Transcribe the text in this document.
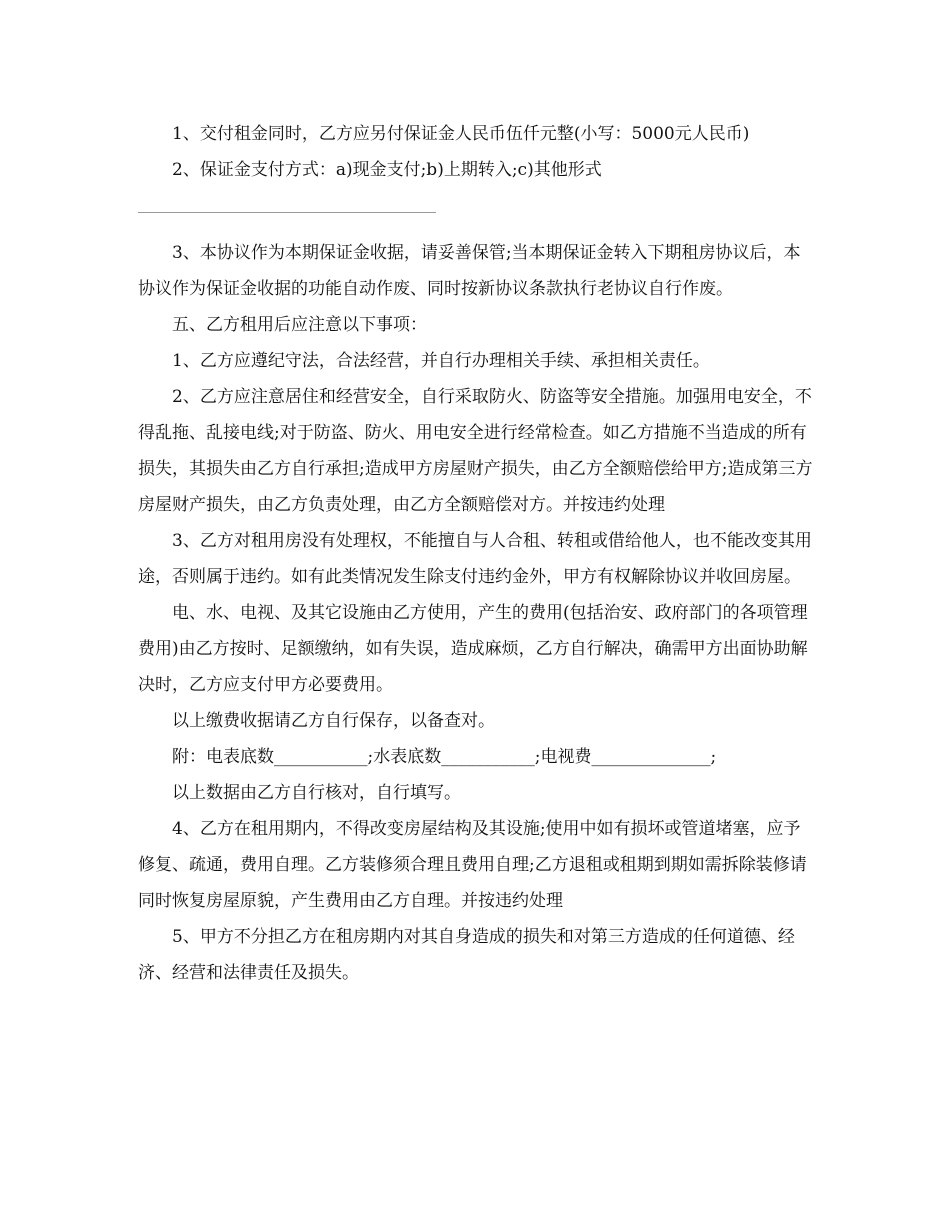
1、交付租金同时，乙方应另付保证金人民币伍仟元整(小写：5000元人民币)

2、保证金支付方式：a)现金支付;b)上期转入;c)其他形式

3、本协议作为本期保证金收据，请妥善保管;当本期保证金转入下期租房协议后，本协议作为保证金收据的功能自动作废、同时按新协议条款执行老协议自行作废。

五、乙方租用后应注意以下事项：

1、乙方应遵纪守法，合法经营，并自行办理相关手续、承担相关责任。

2、乙方应注意居住和经营安全，自行采取防火、防盗等安全措施。加强用电安全，不得乱拖、乱接电线;对于防盗、防火、用电安全进行经常检查。如乙方措施不当造成的所有损失，其损失由乙方自行承担;造成甲方房屋财产损失，由乙方全额赔偿给甲方;造成第三方房屋财产损失，由乙方负责处理，由乙方全额赔偿对方。并按违约处理

3、乙方对租用房没有处理权，不能擅自与人合租、转租或借给他人，也不能改变其用途，否则属于违约。如有此类情况发生除支付违约金外，甲方有权解除协议并收回房屋。

电、水、电视、及其它设施由乙方使用，产生的费用(包括治安、政府部门的各项管理费用)由乙方按时、足额缴纳，如有失误，造成麻烦，乙方自行解决，确需甲方出面协助解决时，乙方应支付甲方必要费用。

以上缴费收据请乙方自行保存，以备查对。

附：电表底数___________;水表底数___________;电视费______________;

以上数据由乙方自行核对，自行填写。

4、乙方在租用期内，不得改变房屋结构及其设施;使用中如有损坏或管道堵塞，应予修复、疏通，费用自理。乙方装修须合理且费用自理;乙方退租或租期到期如需拆除装修请同时恢复房屋原貌，产生费用由乙方自理。并按违约处理

5、甲方不分担乙方在租房期内对其自身造成的损失和对第三方造成的任何道德、经济、经营和法律责任及损失。
